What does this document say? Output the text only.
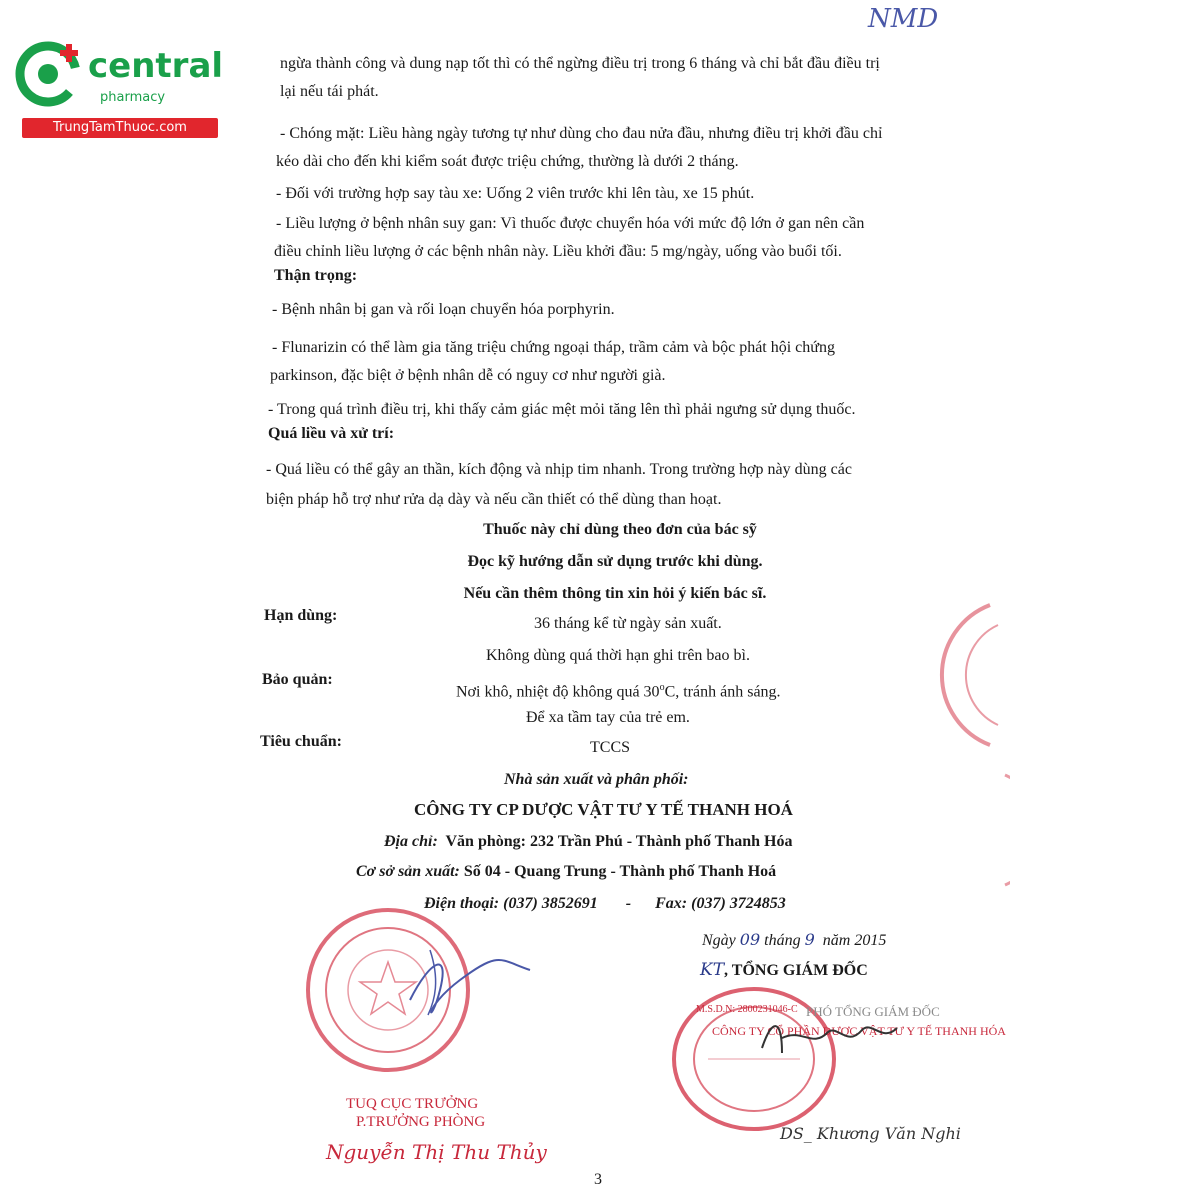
central
pharmacy
TrungTamThuoc.com
NMD
ngừa thành công và dung nạp tốt thì có thể ngừng điều trị trong 6 tháng và chỉ bắt đầu điều trị
lại nếu tái phát.
- Chóng mặt: Liều hàng ngày tương tự như dùng cho đau nửa đầu, nhưng điều trị khởi đầu chỉ
kéo dài cho đến khi kiểm soát được triệu chứng, thường là dưới 2 tháng.
- Đối với trường hợp say tàu xe: Uống 2 viên trước khi lên tàu, xe 15 phút.
- Liều lượng ở bệnh nhân suy gan: Vì thuốc được chuyển hóa với mức độ lớn ở gan nên cần
điều chỉnh liều lượng ở các bệnh nhân này. Liều khởi đầu: 5 mg/ngày, uống vào buổi tối.
Thận trọng:
- Bệnh nhân bị gan và rối loạn chuyển hóa porphyrin.
- Flunarizin có thể làm gia tăng triệu chứng ngoại tháp, trầm cảm và bộc phát hội chứng
parkinson, đặc biệt ở bệnh nhân dễ có nguy cơ như người già.
- Trong quá trình điều trị, khi thấy cảm giác mệt mỏi tăng lên thì phải ngưng sử dụng thuốc.
Quá liều và xử trí:
- Quá liều có thể gây an thần, kích động và nhịp tim nhanh. Trong trường hợp này dùng các
biện pháp hỗ trợ như rửa dạ dày và nếu cần thiết có thể dùng than hoạt.
Thuốc này chỉ dùng theo đơn của bác sỹ
Đọc kỹ hướng dẫn sử dụng trước khi dùng.
Nếu cần thêm thông tin xin hỏi ý kiến bác sĩ.
Hạn dùng:	36 tháng kể từ ngày sản xuất.
Không dùng quá thời hạn ghi trên bao bì.
Bảo quản:
Nơi khô, nhiệt độ không quá 30$^o$C, tránh ánh sáng.
Để xa tầm tay của trẻ em.
Tiêu chuẩn:	TCCS
Nhà sản xuất và phân phối:
CÔNG TY CP DƯỢC VẬT TƯ Y TẾ THANH HOÁ
Địa chỉ: Văn phòng: 232 Trần Phú - Thành phố Thanh Hóa
Cơ sở sản xuất: Số 04 - Quang Trung - Thành phố Thanh Hoá
Điện thoại: (037) 3852691 - Fax: (037) 3724853
Ngày 09 tháng 9 năm 2015
KT, TỔNG GIÁM ĐỐC
TUQ CỤC TRƯỞNG
P.TRƯỞNG PHÒNG
Nguyễn Thị Thu Thủy
CÔNG TY CỔ PHẦN DƯỢC VẬT TƯ Y TẾ THANH HÓA
M.S.D.N: 2800231046-C PHÓ TỔNG GIÁM ĐỐC
DS_ Khương Văn Nghi
3
